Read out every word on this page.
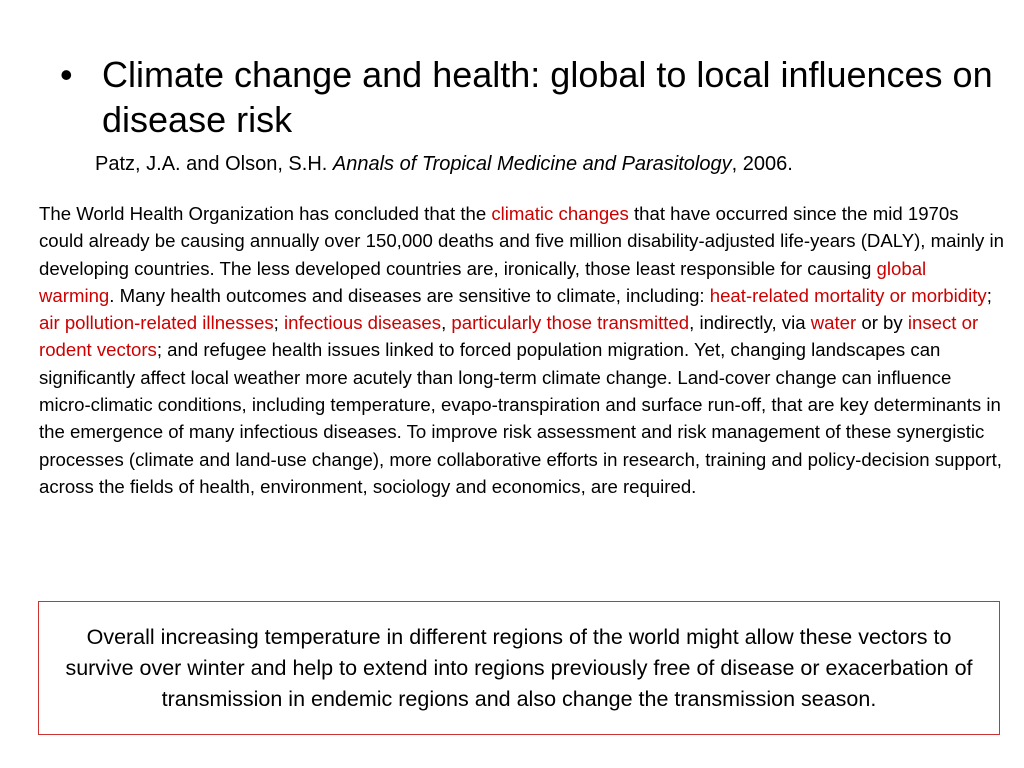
• Climate change and health: global to local influences on disease risk
Patz, J.A. and Olson, S.H. Annals of Tropical Medicine and Parasitology, 2006.

The World Health Organization has concluded that the climatic changes that have occurred since the mid 1970s could already be causing annually over 150,000 deaths and five million disability-adjusted life-years (DALY), mainly in developing countries. The less developed countries are, ironically, those least responsible for causing global warming. Many health outcomes and diseases are sensitive to climate, including: heat-related mortality or morbidity; air pollution-related illnesses; infectious diseases, particularly those transmitted, indirectly, via water or by insect or rodent vectors; and refugee health issues linked to forced population migration. Yet, changing landscapes can significantly affect local weather more acutely than long-term climate change. Land-cover change can influence micro-climatic conditions, including temperature, evapo-transpiration and surface run-off, that are key determinants in the emergence of many infectious diseases. To improve risk assessment and risk management of these synergistic processes (climate and land-use change), more collaborative efforts in research, training and policy-decision support, across the fields of health, environment, sociology and economics, are required.

Overall increasing temperature in different regions of the world might allow these vectors to survive over winter and help to extend into regions previously free of disease or exacerbation of transmission in endemic regions and also change the transmission season.
